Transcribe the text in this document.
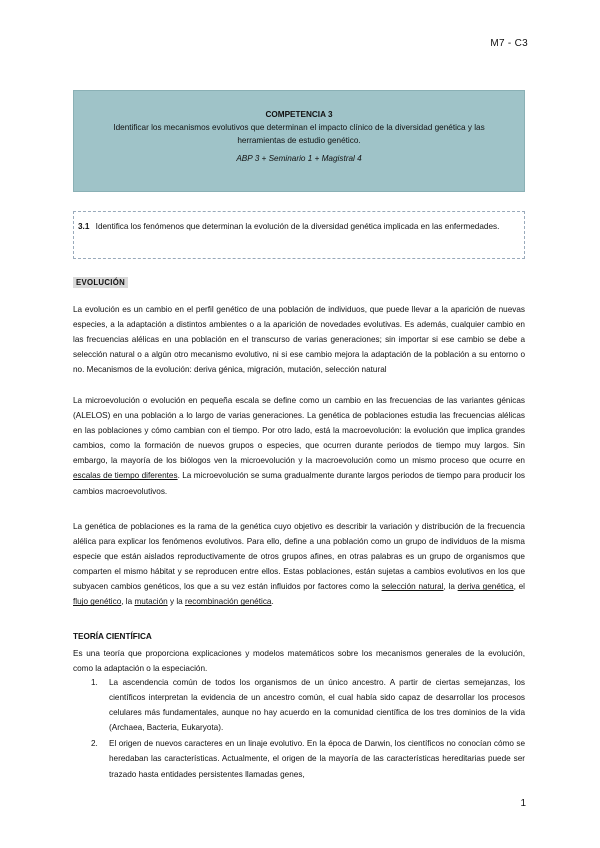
M7 - C3
COMPETENCIA 3
Identificar los mecanismos evolutivos que determinan el impacto clínico de la diversidad genética y las
herramientas de estudio genético.
ABP 3 + Seminario 1 + Magistral 4
3.1 Identifica los fenómenos que determinan la evolución de la diversidad genética implicada en las enfermedades.
EVOLUCIÓN

La evolución es un cambio en el perfil genético de una población de individuos, que puede llevar a la aparición de nuevas especies, a la adaptación a distintos ambientes o a la aparición de novedades evolutivas. Es además, cualquier cambio en las frecuencias alélicas en una población en el transcurso de varias generaciones; sin importar si ese cambio se debe a selección natural o a algún otro mecanismo evolutivo, ni si ese cambio mejora la adaptación de la población a su entorno o no. Mecanismos de la evolución: deriva génica, migración, mutación, selección natural

La microevolución o evolución en pequeña escala se define como un cambio en las frecuencias de las variantes génicas (ALELOS) en una población a lo largo de varias generaciones. La genética de poblaciones estudia las frecuencias alélicas en las poblaciones y cómo cambian con el tiempo. Por otro lado, está la macroevolución: la evolución que implica grandes cambios, como la formación de nuevos grupos o especies, que ocurren durante periodos de tiempo muy largos. Sin embargo, la mayoría de los biólogos ven la microevolución y la macroevolución como un mismo proceso que ocurre en escalas de tiempo diferentes. La microevolución se suma gradualmente durante largos periodos de tiempo para producir los cambios macroevolutivos.

La genética de poblaciones es la rama de la genética cuyo objetivo es describir la variación y distribución de la frecuencia alélica para explicar los fenómenos evolutivos. Para ello, define a una población como un grupo de individuos de la misma especie que están aislados reproductivamente de otros grupos afines, en otras palabras es un grupo de organismos que comparten el mismo hábitat y se reproducen entre ellos. Estas poblaciones, están sujetas a cambios evolutivos en los que subyacen cambios genéticos, los que a su vez están influidos por factores como la selección natural, la deriva genética, el flujo genético, la mutación y la recombinación genética.

TEORÍA CIENTÍFICA

Es una teoría que proporciona explicaciones y modelos matemáticos sobre los mecanismos generales de la evolución, como la adaptación o la especiación.

1. La ascendencia común de todos los organismos de un único ancestro. A partir de ciertas semejanzas, los científicos interpretan la evidencia de un ancestro común, el cual había sido capaz de desarrollar los procesos celulares más fundamentales, aunque no hay acuerdo en la comunidad científica de los tres dominios de la vida (Archaea, Bacteria, Eukaryota).
2. El origen de nuevos caracteres en un linaje evolutivo. En la época de Darwin, los científicos no conocían cómo se heredaban las características. Actualmente, el origen de la mayoría de las características hereditarias puede ser trazado hasta entidades persistentes llamadas genes,
1
